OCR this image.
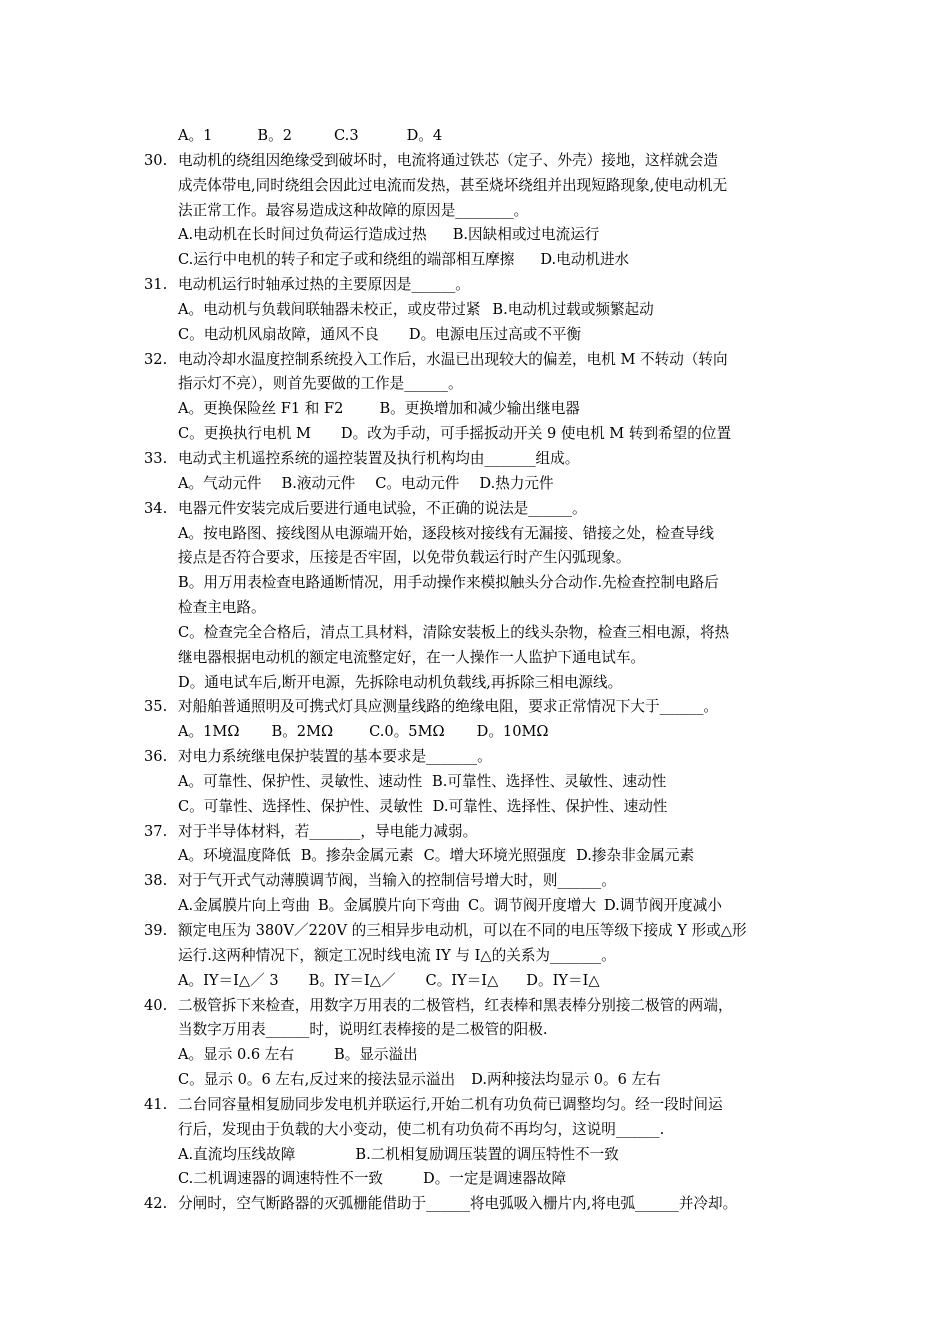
A。1	B。2	C.3	D。4
30. 电动机的绕组因绝缘受到破坏时，电流将通过铁芯（定子、外壳）接地，这样就会造
成壳体带电,同时绕组会因此过电流而发热，甚至烧坏绕组并出现短路现象,使电动机无
法正常工作。最容易造成这种故障的原因是________。
A.电动机在长时间过负荷运行造成过热 B.因缺相或过电流运行
C.运行中电机的转子和定子或和绕组的端部相互摩擦 D.电动机进水
31. 电动机运行时轴承过热的主要原因是______。
A。电动机与负载间联轴器未校正，或皮带过紧 B.电动机过载或频繁起动
C。电动机风扇故障，通风不良 D。电源电压过高或不平衡
32. 电动冷却水温度控制系统投入工作后，水温已出现较大的偏差，电机 M 不转动（转向
指示灯不亮），则首先要做的工作是______。
A。更换保险丝 F1 和 F2 B。更换增加和减少输出继电器
C。更换执行电机 M D。改为手动，可手摇扳动开关 9 使电机 M 转到希望的位置
33. 电动式主机遥控系统的遥控装置及执行机构均由_______组成。
A。气动元件 B.液动元件 C。电动元件 D.热力元件
34. 电器元件安装完成后要进行通电试验，不正确的说法是______。
A。按电路图、接线图从电源端开始，逐段核对接线有无漏接、错接之处，检查导线
接点是否符合要求，压接是否牢固，以免带负载运行时产生闪弧现象。
B。用万用表检查电路通断情况，用手动操作来模拟触头分合动作.先检查控制电路后
检查主电路。
C。检查完全合格后，清点工具材料，清除安装板上的线头杂物，检查三相电源，将热
继电器根据电动机的额定电流整定好，在一人操作一人监护下通电试车。
D。通电试车后,断开电源，先拆除电动机负载线,再拆除三相电源线。
35. 对船舶普通照明及可携式灯具应测量线路的绝缘电阻，要求正常情况下大于______。
A。1MΩ B。2MΩ C.0。5MΩ D。10MΩ
36. 对电力系统继电保护装置的基本要求是_______。
A。可靠性、保护性、灵敏性、速动性 B.可靠性、选择性、灵敏性、速动性
C。可靠性、选择性、保护性、灵敏性 D.可靠性、选择性、保护性、速动性
37. 对于半导体材料，若_______，导电能力减弱。
A。环境温度降低 B。掺杂金属元素 C。增大环境光照强度 D.掺杂非金属元素
38. 对于气开式气动薄膜调节阀，当输入的控制信号增大时，则______。
A.金属膜片向上弯曲 B。金属膜片向下弯曲 C。调节阀开度增大 D.调节阀开度减小
39. 额定电压为 380V／220V 的三相异步电动机，可以在不同的电压等级下接成 Y 形或△形
运行.这两种情况下，额定工况时线电流 IY 与 I△的关系为_______。
A。IY＝I△／ 3 B。IY＝I△／ C。IY＝I△ D。IY＝I△
40. 二极管拆下来检查，用数字万用表的二极管档，红表棒和黑表棒分别接二极管的两端，
当数字万用表______时，说明红表棒接的是二极管的阳极.
A。显示 0.6 左右	B。显示溢出
C。显示 0。6 左右,反过来的接法显示溢出 D.两种接法均显示 0。6 左右
41. 二台同容量相复励同步发电机并联运行,开始二机有功负荷已调整均匀。经一段时间运
行后，发现由于负载的大小变动，使二机有功负荷不再均匀，这说明______.
A.直流均压线故障	B.二机相复励调压装置的调压特性不一致
C.二机调速器的调速特性不一致	D。一定是调速器故障
42. 分闸时，空气断路器的灭弧栅能借助于______将电弧吸入栅片内,将电弧______并冷却。
